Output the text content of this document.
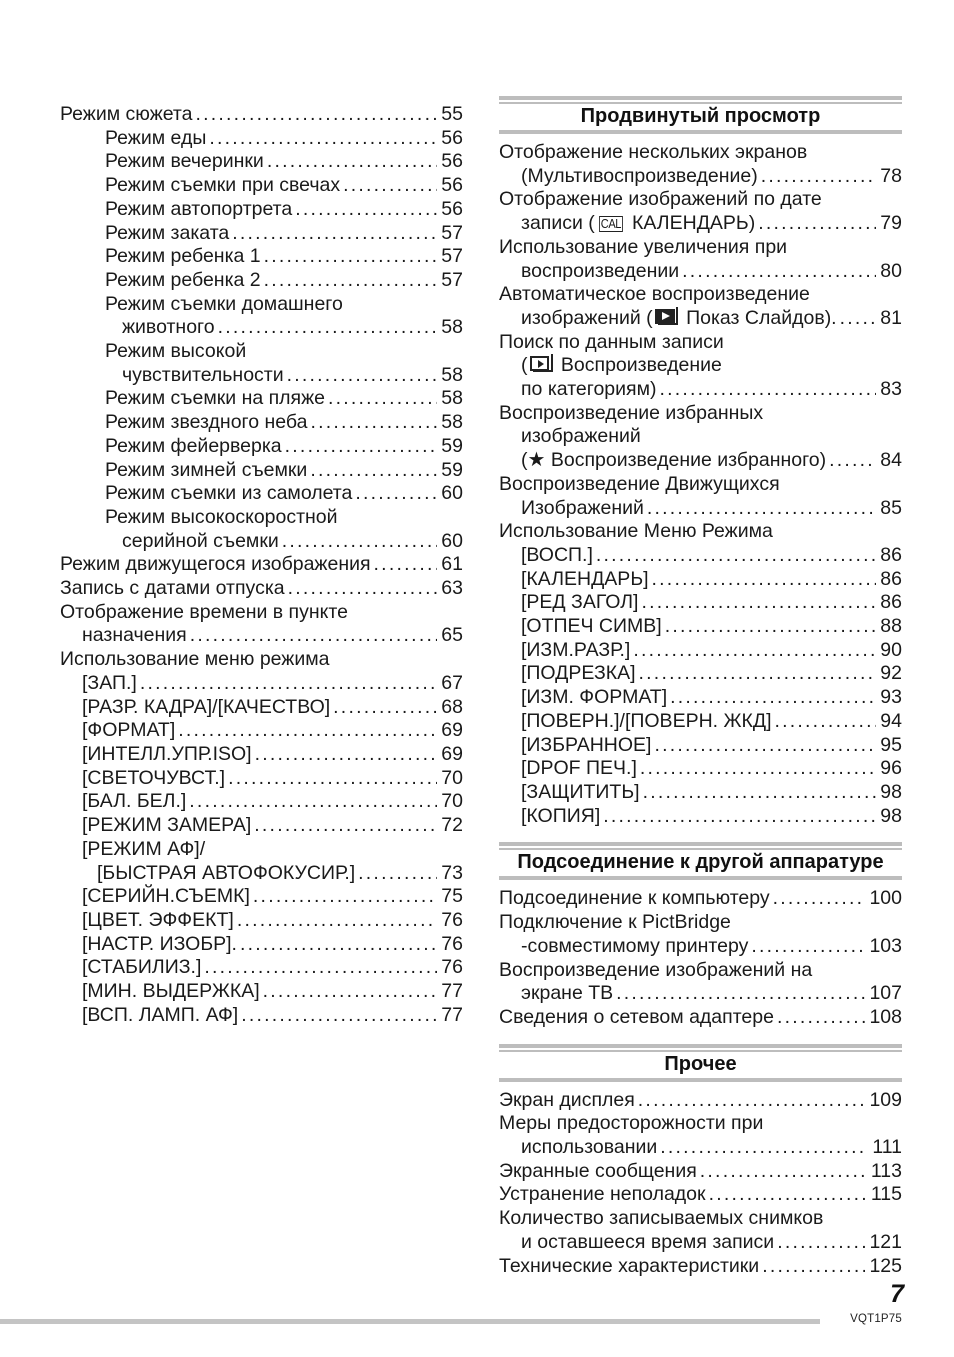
Режим сюжета . . .	55
Режим еды . . .	56
Режим вечеринки . . .	56
Режим съемки при свечах . . .	56
Режим автопортрета . . .	56
Режим заката . . .	57
Режим ребенка 1 . . .	57
Режим ребенка 2 . . .	57
Режим съемки домашнего
животного . . .	58
Режим высокой
чувствительности . . .	58
Режим съемки на пляже . . .	58
Режим звездного неба . . .	58
Режим фейерверка . . .	59
Режим зимней съемки . . .	59
Режим съемки из самолета . . .	60
Режим высокоскоростной
серийной съемки . . .	60
Режим движущегося изображения . . .	61
Запись с датами отпуска . . .	63
Отображение времени в пункте
назначения . . .	65
Использование меню режима
[ЗАП.] . . .	67
[РАЗР. КАДРА]/[КАЧЕСТВО] . . .	68
[ФОРМАТ] . . .	69
[ИНТЕЛЛ.УПР.ISO] . . .	69
[СВЕТОЧУВСТ.] . . .	70
[БАЛ. БЕЛ.] . . .	70
[РЕЖИМ ЗАМЕРА] . . .	72
[РЕЖИМ АФ]/
[БЫСТРАЯ АВТОФОКУСИР.] . . .	73
[СЕРИЙН.СЪЕМК] . . .	75
[ЦВЕТ. ЭФФЕКТ] . . .	76
[НАСТР. ИЗОБР]. . . .	76
[СТАБИЛИЗ.] . . .	76
[МИН. ВЫДЕРЖКА] . . .	77
[ВСП. ЛАМП. АФ] . . .	77
Продвинутый просмотр
Отображение нескольких экранов
(Мультивоспроизведение) . . .	78
Отображение изображений по дате
записи ( CAL КАЛЕНДАРЬ) . . .	79
Использование увеличения при
воспроизведении . . .	80
Автоматическое воспроизведение
изображений (
Показ Слайдов). . . . 81
Поиск по данным записи
(
Воспроизведение
по категориям) . . .	83
Воспроизведение избранных
изображений
(★ Воспроизведение избранного) . . .	84
Воспроизведение Движущихся
Изображений . . .	85
Использование Меню Режима
[ВОСП.] . . .	86
[КАЛЕНДАРЬ] . . .	86
[РЕД ЗАГОЛ] . . .	86
[ОТПЕЧ СИМВ] . . .	88
[ИЗМ.РАЗР.] . . .	90
[ПОДРЕЗКА] . . .	92
[ИЗМ. ФОРМАТ] . . .	93
[ПОВЕРН.]/[ПОВЕРН. ЖКД] . . .	94
[ИЗБРАННОЕ] . . .	95
[DPOF ПЕЧ.] . . .	96
[ЗАЩИТИТЬ] . . .	98
[КОПИЯ] . . .	98
Подсоединение к другой аппаратуре
Подсоединение к компьютеру . . .	100
Подключение к PictBridge
-совместимому принтеру . . .	103
Воспроизведение изображений на
экране ТВ . . .	107
Сведения о сетевом адаптере . . .	108
Прочее
Экран дисплея . . .	109
Меры предосторожности при
использовании . . .	111
Экранные сообщения . . .	113
Устранение неполадок . . .	115
Количество записываемых снимков
и оставшееся время записи . . .	121
Технические характеристики . . .	125
7
VQT1P75
